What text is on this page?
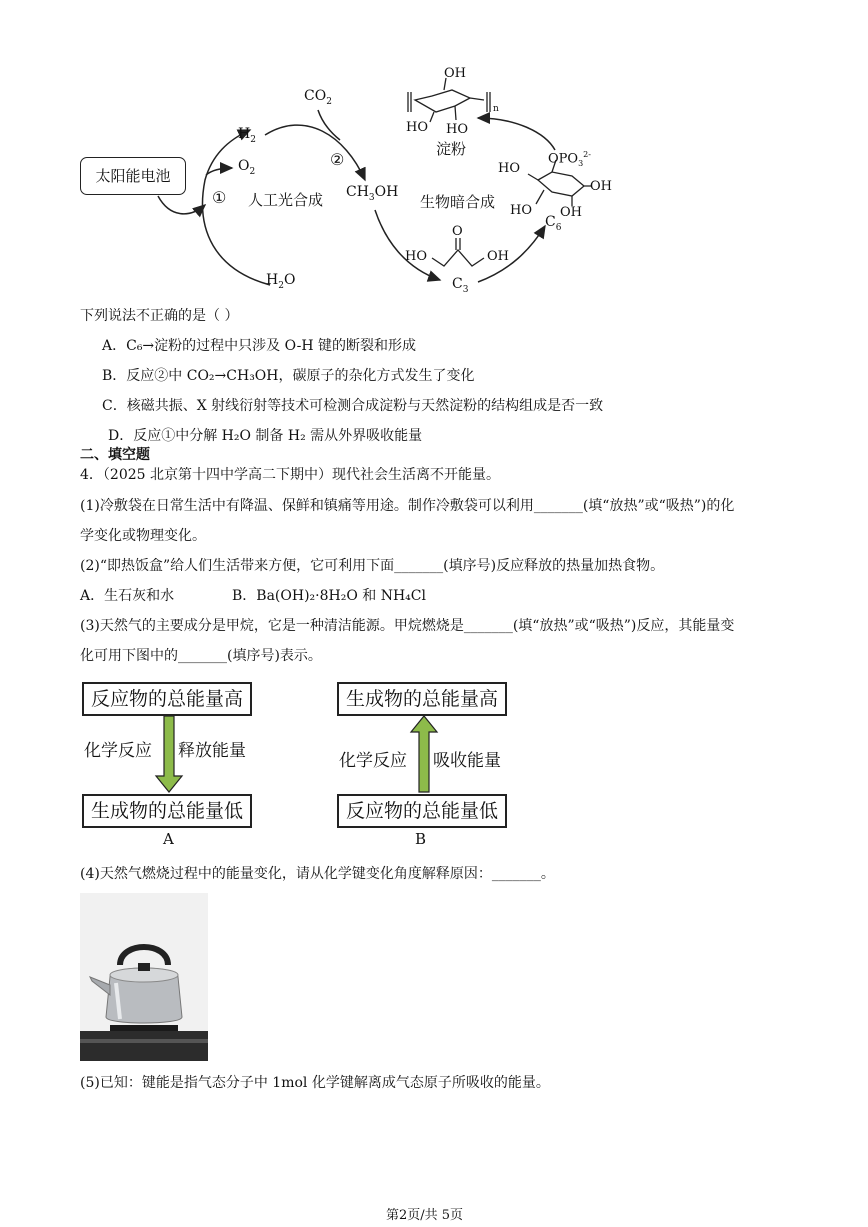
太阳能电池
$CO_2$
$H_2$
$O_2$
① 人工光合成
②
$CH_3OH$
$H_2O$
生物暗合成
$C_3$
HO	OH
O
$C_6$
淀粉
OH
HO HO
n
$OPO_3^{2-}$
HO
HO
OH
OH
下列说法不正确的是（ ）
A．C₆→淀粉的过程中只涉及 O-H 键的断裂和形成
B．反应②中 CO₂→CH₃OH，碳原子的杂化方式发生了变化
C．核磁共振、X 射线衍射等技术可检测合成淀粉与天然淀粉的结构组成是否一致
D．反应①中分解 H₂O 制备 H₂ 需从外界吸收能量
二、填空题
4．（2025 北京第十四中学高二下期中）现代社会生活离不开能量。
(1)冷敷袋在日常生活中有降温、保鲜和镇痛等用途。制作冷敷袋可以利用_______(填“放热”或“吸热”)的化
学变化或物理变化。
(2)“即热饭盒”给人们生活带来方便，它可利用下面_______(填序号)反应释放的热量加热食物。
A．生石灰和水	B．Ba(OH)₂·8H₂O 和 NH₄Cl
(3)天然气的主要成分是甲烷，它是一种清洁能源。甲烷燃烧是_______(填“放热”或“吸热”)反应，其能量变
化可用下图中的_______(填序号)表示。
反应物的总能量高
化学反应 释放能量
生成物的总能量低
A
生成物的总能量高
化学反应 吸收能量
反应物的总能量低
B
(4)天然气燃烧过程中的能量变化，请从化学键变化角度解释原因：_______。
(5)已知：键能是指气态分子中 1mol 化学键解离成气态原子所吸收的能量。
第2页/共 5页
